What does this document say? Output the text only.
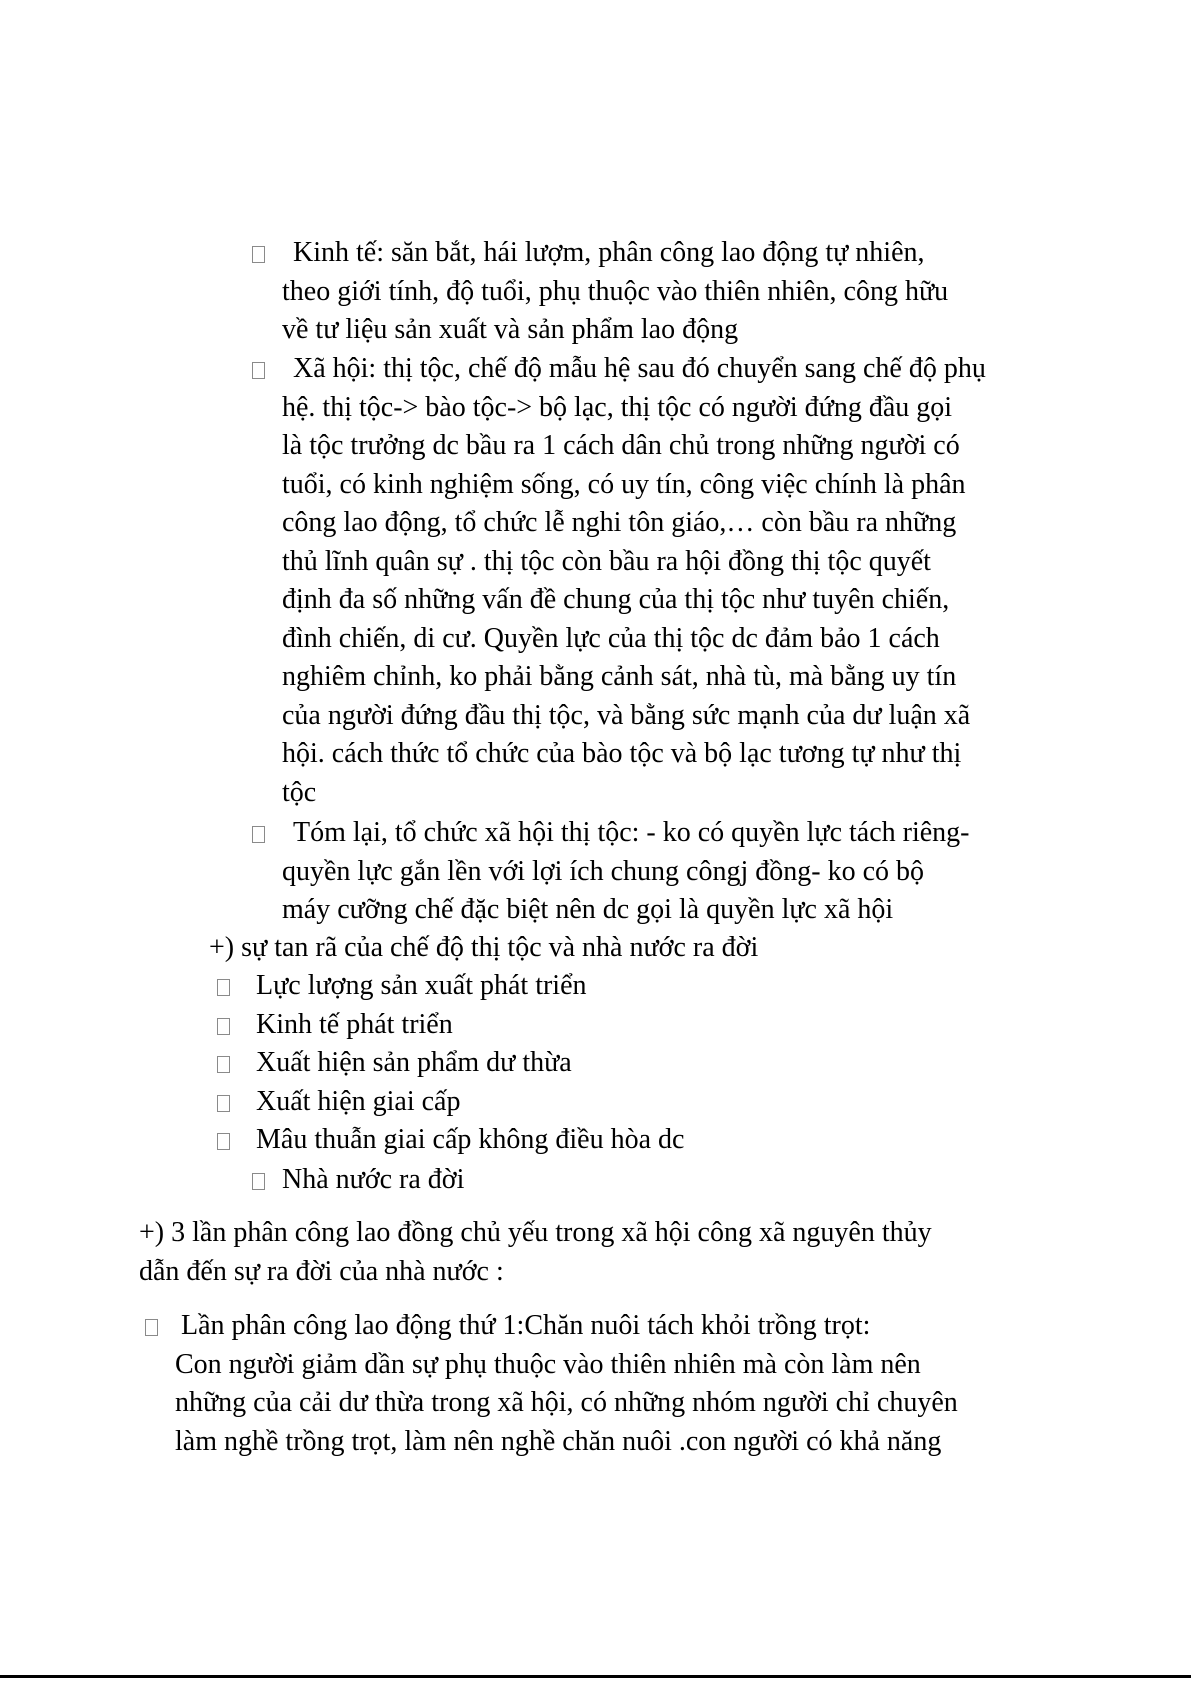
Kinh tế: săn bắt, hái lượm, phân công lao động tự nhiên,
theo giới tính, độ tuổi, phụ thuộc vào thiên nhiên, công hữu
về tư liệu sản xuất và sản phẩm lao động
Xã hội: thị tộc, chế độ mẫu hệ sau đó chuyển sang chế độ phụ
hệ. thị tộc-> bào tộc-> bộ lạc, thị tộc có người đứng đầu gọi
là tộc trưởng dc bầu ra 1 cách dân chủ trong những người có
tuổi, có kinh nghiệm sống, có uy tín, công việc chính là phân
công lao động, tổ chức lễ nghi tôn giáo,… còn bầu ra những
thủ lĩnh quân sự . thị tộc còn bầu ra hội đồng thị tộc quyết
định đa số những vấn đề chung của thị tộc như tuyên chiến,
đình chiến, di cư. Quyền lực của thị tộc dc đảm bảo 1 cách
nghiêm chỉnh, ko phải bằng cảnh sát, nhà tù, mà bằng uy tín
của người đứng đầu thị tộc, và bằng sức mạnh của dư luận xã
hội. cách thức tổ chức của bào tộc và bộ lạc tương tự như thị
tộc
Tóm lại, tổ chức xã hội thị tộc: - ko có quyền lực tách riêng-
quyền lực gắn lền với lợi ích chung côngj đồng- ko có bộ
máy cưỡng chế đặc biệt nên dc gọi là quyền lực xã hội
+) sự tan rã của chế độ thị tộc và nhà nước ra đời
Lực lượng sản xuất phát triển
Kinh tế phát triển
Xuất hiện sản phẩm dư thừa
Xuất hiện giai cấp
Mâu thuẫn giai cấp không điều hòa dc
Nhà nước ra đời
+) 3 lần phân công lao đồng chủ yếu trong xã hội công xã nguyên thủy
dẫn đến sự ra đời của nhà nước :
Lần phân công lao động thứ 1:Chăn nuôi tách khỏi trồng trọt:
Con người giảm dần sự phụ thuộc vào thiên nhiên mà còn làm nên
những của cải dư thừa trong xã hội, có những nhóm người chỉ chuyên
làm nghề trồng trọt, làm nên nghề chăn nuôi .con người có khả năng
